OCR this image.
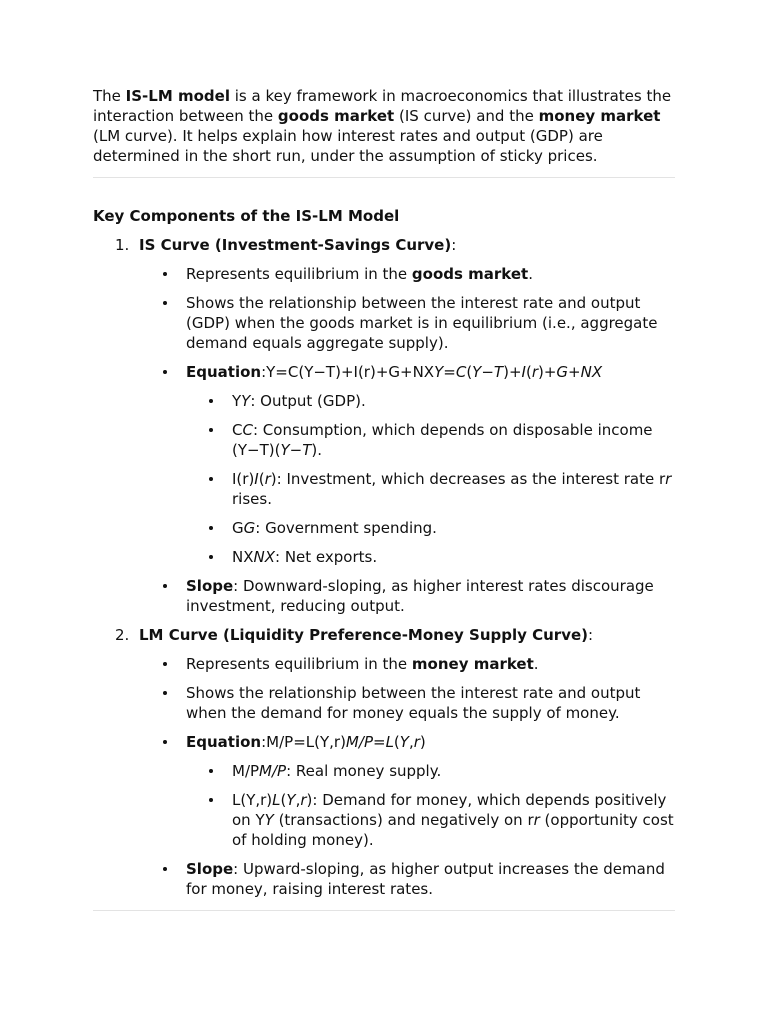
The IS-LM model is a key framework in macroeconomics that illustrates the interaction between the goods market (IS curve) and the money market (LM curve). It helps explain how interest rates and output (GDP) are determined in the short run, under the assumption of sticky prices.

Key Components of the IS-LM Model

1. IS Curve (Investment-Savings Curve):

Represents equilibrium in the goods market.
Shows the relationship between the interest rate and output (GDP) when the goods market is in equilibrium (i.e., aggregate demand equals aggregate supply).
Equation:Y=C(Y−T)+I(r)+G+NXY=C(Y−T)+I(r)+G+NX
YY: Output (GDP).
CC: Consumption, which depends on disposable income (Y−T)(Y−T).
I(r)I(r): Investment, which decreases as the interest rate rr rises.
GG: Government spending.
NXNX: Net exports.
Slope: Downward-sloping, as higher interest rates discourage investment, reducing output.
2. LM Curve (Liquidity Preference-Money Supply Curve):

Represents equilibrium in the money market.
Shows the relationship between the interest rate and output when the demand for money equals the supply of money.
Equation:M/P=L(Y,r)M/P=L(Y,r)
M/PM/P: Real money supply.
L(Y,r)L(Y,r): Demand for money, which depends positively on YY (transactions) and negatively on rr (opportunity cost of holding money).
Slope: Upward-sloping, as higher output increases the demand for money, raising interest rates.
